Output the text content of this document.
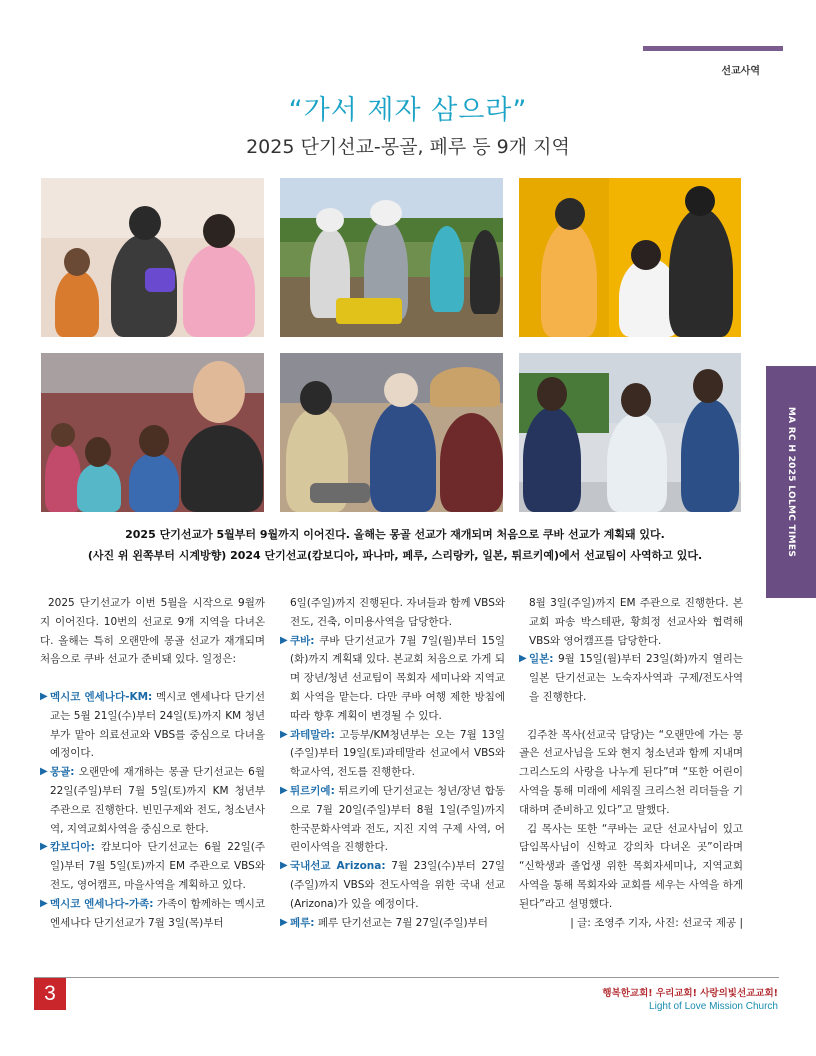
선교사역
MA RC H 2025 LOLMC TIMES
“가서 제자 삼으라”
2025 단기선교-몽골, 페루 등 9개 지역
2025 단기선교가 5월부터 9월까지 이어진다. 올해는 몽골 선교가 재개되며 처음으로 쿠바 선교가 계획돼 있다.
(사진 위 왼쪽부터 시계방향) 2024 단기선교(캄보디아, 파나마, 페루, 스리랑카, 일본, 튀르키예)에서 선교팀이 사역하고 있다.

2025 단기선교가 이번 5월을 시작으로 9월까지 이어진다. 10번의 선교로 9개 지역을 다녀온다. 올해는 특히 오랜만에 몽골 선교가 재개되며 처음으로 쿠바 선교가 준비돼 있다. 일정은:

▶ 멕시코 엔세나다-KM: 멕시코 엔세나다 단기선교는 5월 21일(수)부터 24일(토)까지 KM 청년부가 맡아 의료선교와 VBS를 중심으로 다녀올 예정이다.

▶ 몽골: 오랜만에 재개하는 몽골 단기선교는 6월 22일(주일)부터 7월 5일(토)까지 KM 청년부 주관으로 진행한다. 빈민구제와 전도, 청소년사역, 지역교회사역을 중심으로 한다.

▶ 캄보디아: 캄보디아 단기선교는 6월 22일(주일)부터 7월 5일(토)까지 EM 주관으로 VBS와 전도, 영어캠프, 마을사역을 계획하고 있다.

▶ 멕시코 엔세나다-가족: 가족이 함께하는 멕시코 엔세나다 단기선교가 7월 3일(목)부터

6일(주일)까지 진행된다. 자녀들과 함께 VBS와 전도, 건축, 이미용사역을 담당한다.

▶ 쿠바: 쿠바 단기선교가 7월 7일(월)부터 15일(화)까지 계획돼 있다. 본교회 처음으로 가게 되며 장년/청년 선교팀이 목회자 세미나와 지역교회 사역을 맡는다. 다만 쿠바 여행 제한 방침에 따라 향후 계획이 변경될 수 있다.

▶ 과테말라: 고등부/KM청년부는 오는 7월 13일(주일)부터 19일(토)과테말라 선교에서 VBS와 학교사역, 전도를 진행한다.

▶ 튀르키예: 튀르키예 단기선교는 청년/장년 합동으로 7월 20일(주일)부터 8월 1일(주일)까지 한국문화사역과 전도, 지진 지역 구제 사역, 어린이사역을 진행한다.

▶ 국내선교 Arizona: 7월 23일(수)부터 27일(주일)까지 VBS와 전도사역을 위한 국내 선교(Arizona)가 있을 예정이다.

▶ 페루: 페루 단기선교는 7월 27일(주일)부터

8월 3일(주일)까지 EM 주관으로 진행한다. 본교회 파송 박스테판, 황희정 선교사와 협력해 VBS와 영어캠프를 담당한다.

▶ 일본: 9월 15일(월)부터 23일(화)까지 열리는 일본 단기선교는 노숙자사역과 구제/전도사역을 진행한다.

김주찬 목사(선교국 담당)는 “오랜만에 가는 몽골은 선교사님을 도와 현지 청소년과 함께 지내며 그리스도의 사랑을 나누게 된다”며 “또한 어린이 사역을 통해 미래에 세워질 크리스천 리더들을 기대하며 준비하고 있다”고 말했다.

김 목사는 또한 “쿠바는 교단 선교사님이 있고 담임목사님이 신학교 강의차 다녀온 곳”이라며 “신학생과 졸업생 위한 목회자세미나, 지역교회사역을 통해 목회자와 교회를 세우는 사역을 하게 된다”라고 설명했다.

| 글: 조영주 기자, 사진: 선교국 제공 |

3	행복한교회! 우리교회! 사랑의빛선교교회!
Light of Love Mission Church
